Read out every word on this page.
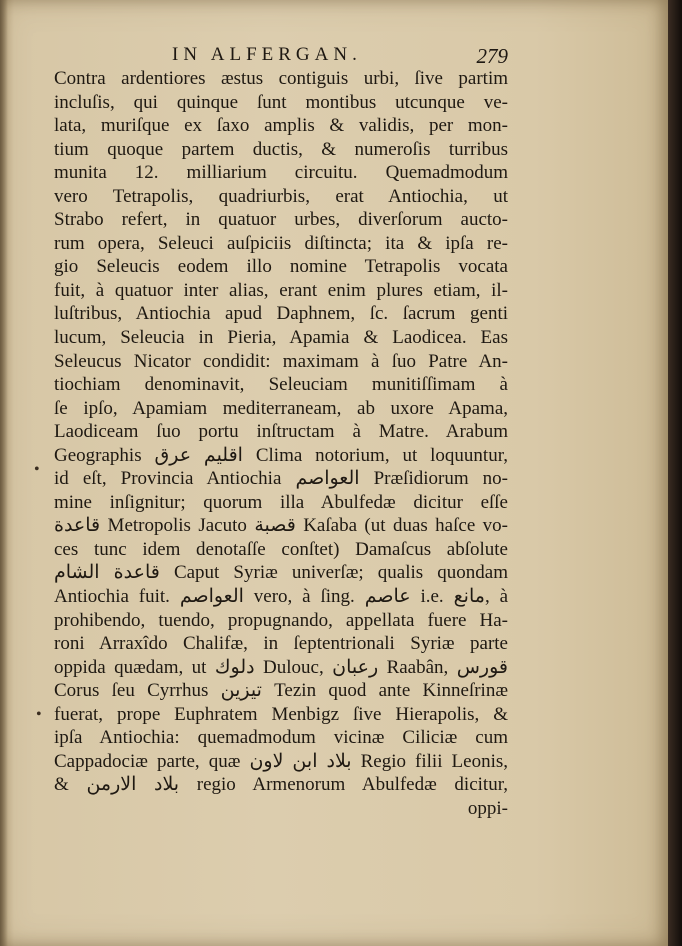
IN ALFERGAN.	279
Contra ardentiores æstus contiguis urbi, ſive partim
incluſis, qui quinque ſunt montibus utcunque ve-
lata, muriſque ex ſaxo amplis & validis, per mon-
tium quoque partem ductis, & numeroſis turribus
munita 12. milliarium circuitu. Quemadmodum
vero Tetrapolis, quadriurbis, erat Antiochia, ut
Strabo refert, in quatuor urbes, diverſorum aucto-
rum opera, Seleuci auſpiciis diſtincta; ita & ipſa re-
gio Seleucis eodem illo nomine Tetrapolis vocata
fuit, à quatuor inter alias, erant enim plures etiam, il-
luſtribus, Antiochia apud Daphnem, ſc. ſacrum genti
lucum, Seleucia in Pieria, Apamia & Laodicea. Eas
Seleucus Nicator condidit: maximam à ſuo Patre An-
tiochiam denominavit, Seleuciam munitiſſimam à
ſe ipſo, Apamiam mediterraneam, ab uxore Apama,
Laodiceam ſuo portu inſtructam à Matre. Arabum
Geographis اقليم عرق Clima notorium, ut loquuntur,
id eſt, Provincia Antiochia العواصم Præſidiorum no-
mine inſignitur; quorum illa Abulfedæ dicitur eſſe
قاعدة Metropolis Jacuto قصبة Kaſaba (ut duas haſce vo-
ces tunc idem denotaſſe conſtet) Damaſcus abſolute
قاعدة الشام Caput Syriæ univerſæ; qualis quondam
Antiochia fuit. العواصم vero, à ſing. عاصم i.e. مانع, à
prohibendo, tuendo, propugnando, appellata fuere Ha-
roni Arraxîdo Chalifæ, in ſeptentrionali Syriæ parte
oppida quædam, ut دلوك Dulouc, رعبان Raabân, قورس
Corus ſeu Cyrrhus تيزين Tezin quod ante Kinneſrinæ
fuerat, prope Euphratem Menbigz ſive Hierapolis, &
ipſa Antiochia: quemadmodum vicinæ Ciliciæ cum
Cappadociæ parte, quæ بلاد ابن لاون Regio filii Leonis,
& بلاد الارمن regio Armenorum Abulfedæ dicitur,
oppi-
•
•
